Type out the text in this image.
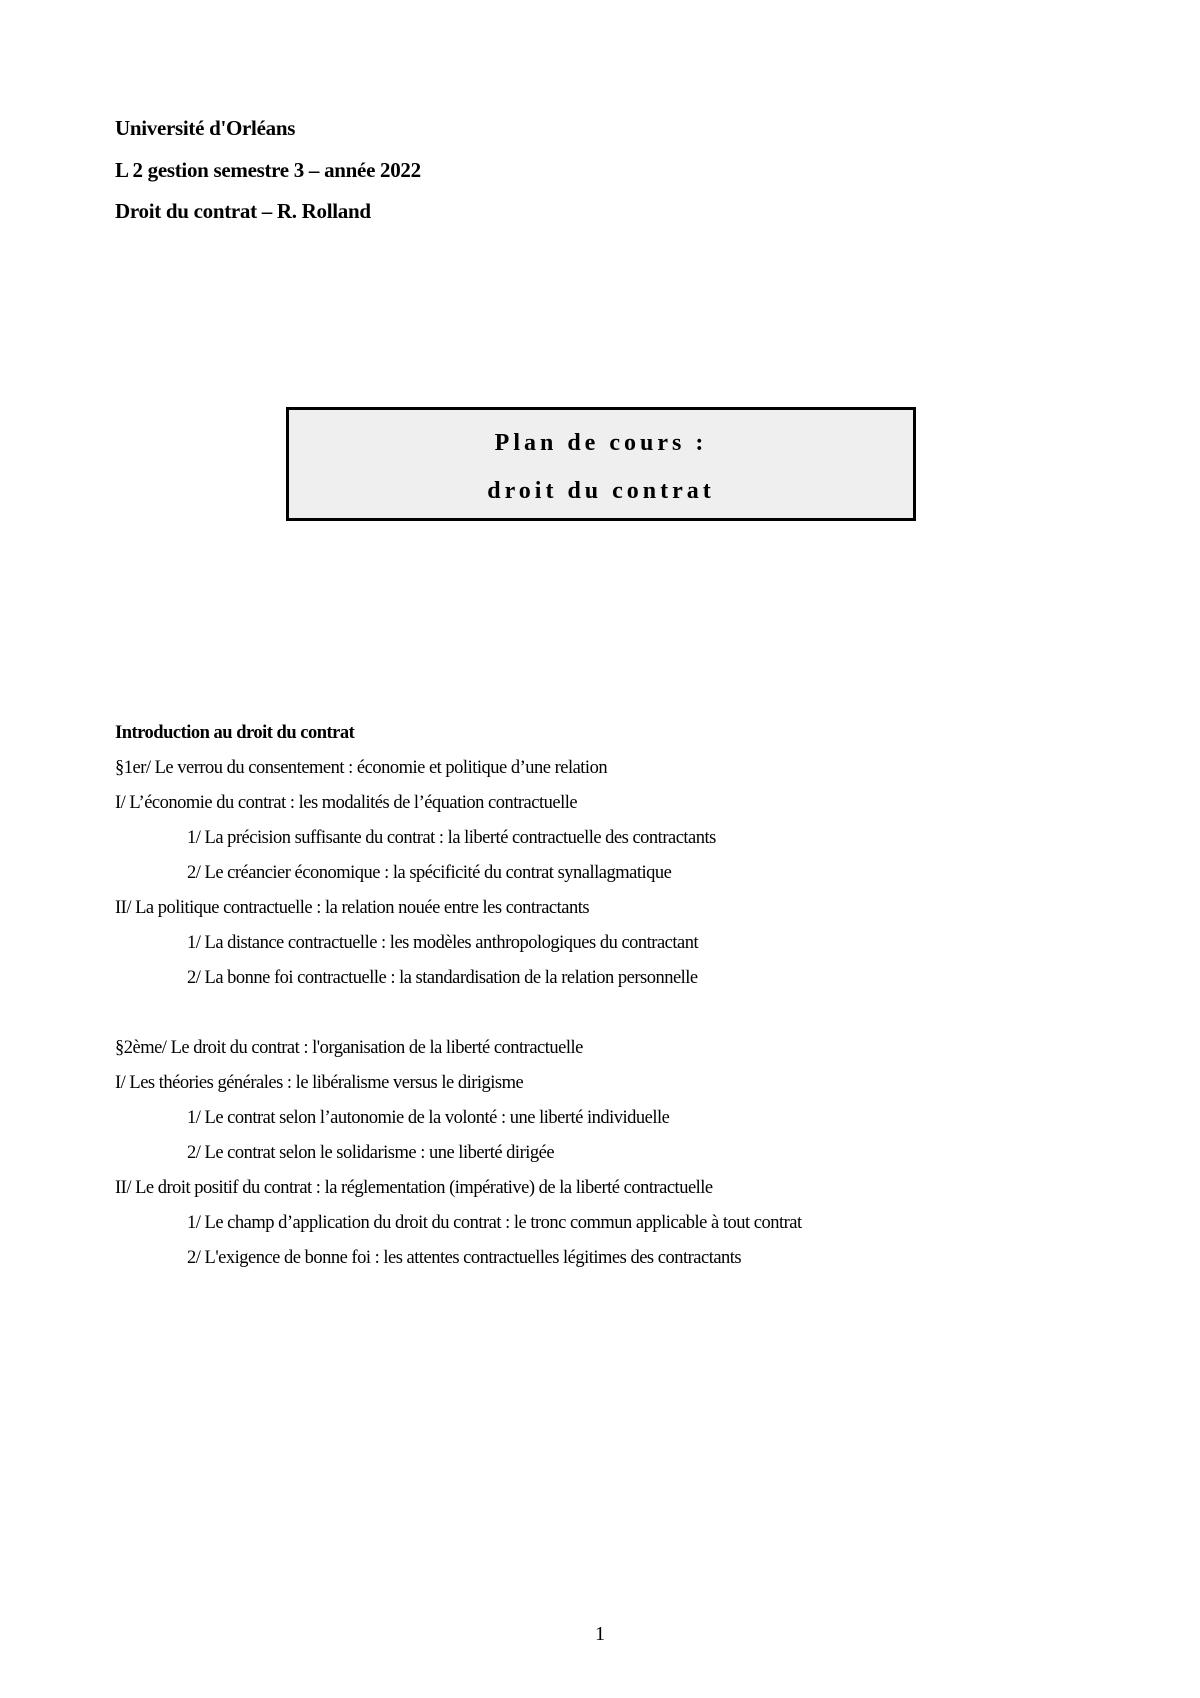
Université d'Orléans
L 2 gestion semestre 3 – année 2022
Droit du contrat – R. Rolland
Plan de cours :
droit du contrat
Introduction au droit du contrat
§1er/ Le verrou du consentement : économie et politique d’une relation
I/ L’économie du contrat : les modalités de l’équation contractuelle
1/ La précision suffisante du contrat : la liberté contractuelle des contractants
2/ Le créancier économique : la spécificité du contrat synallagmatique
II/ La politique contractuelle : la relation nouée entre les contractants
1/ La distance contractuelle : les modèles anthropologiques du contractant
2/ La bonne foi contractuelle : la standardisation de la relation personnelle
§2ème/ Le droit du contrat : l'organisation de la liberté contractuelle
I/ Les théories générales : le libéralisme versus le dirigisme
1/ Le contrat selon l’autonomie de la volonté : une liberté individuelle
2/ Le contrat selon le solidarisme : une liberté dirigée
II/ Le droit positif du contrat : la réglementation (impérative) de la liberté contractuelle
1/ Le champ d’application du droit du contrat : le tronc commun applicable à tout contrat
2/ L'exigence de bonne foi : les attentes contractuelles légitimes des contractants
1
